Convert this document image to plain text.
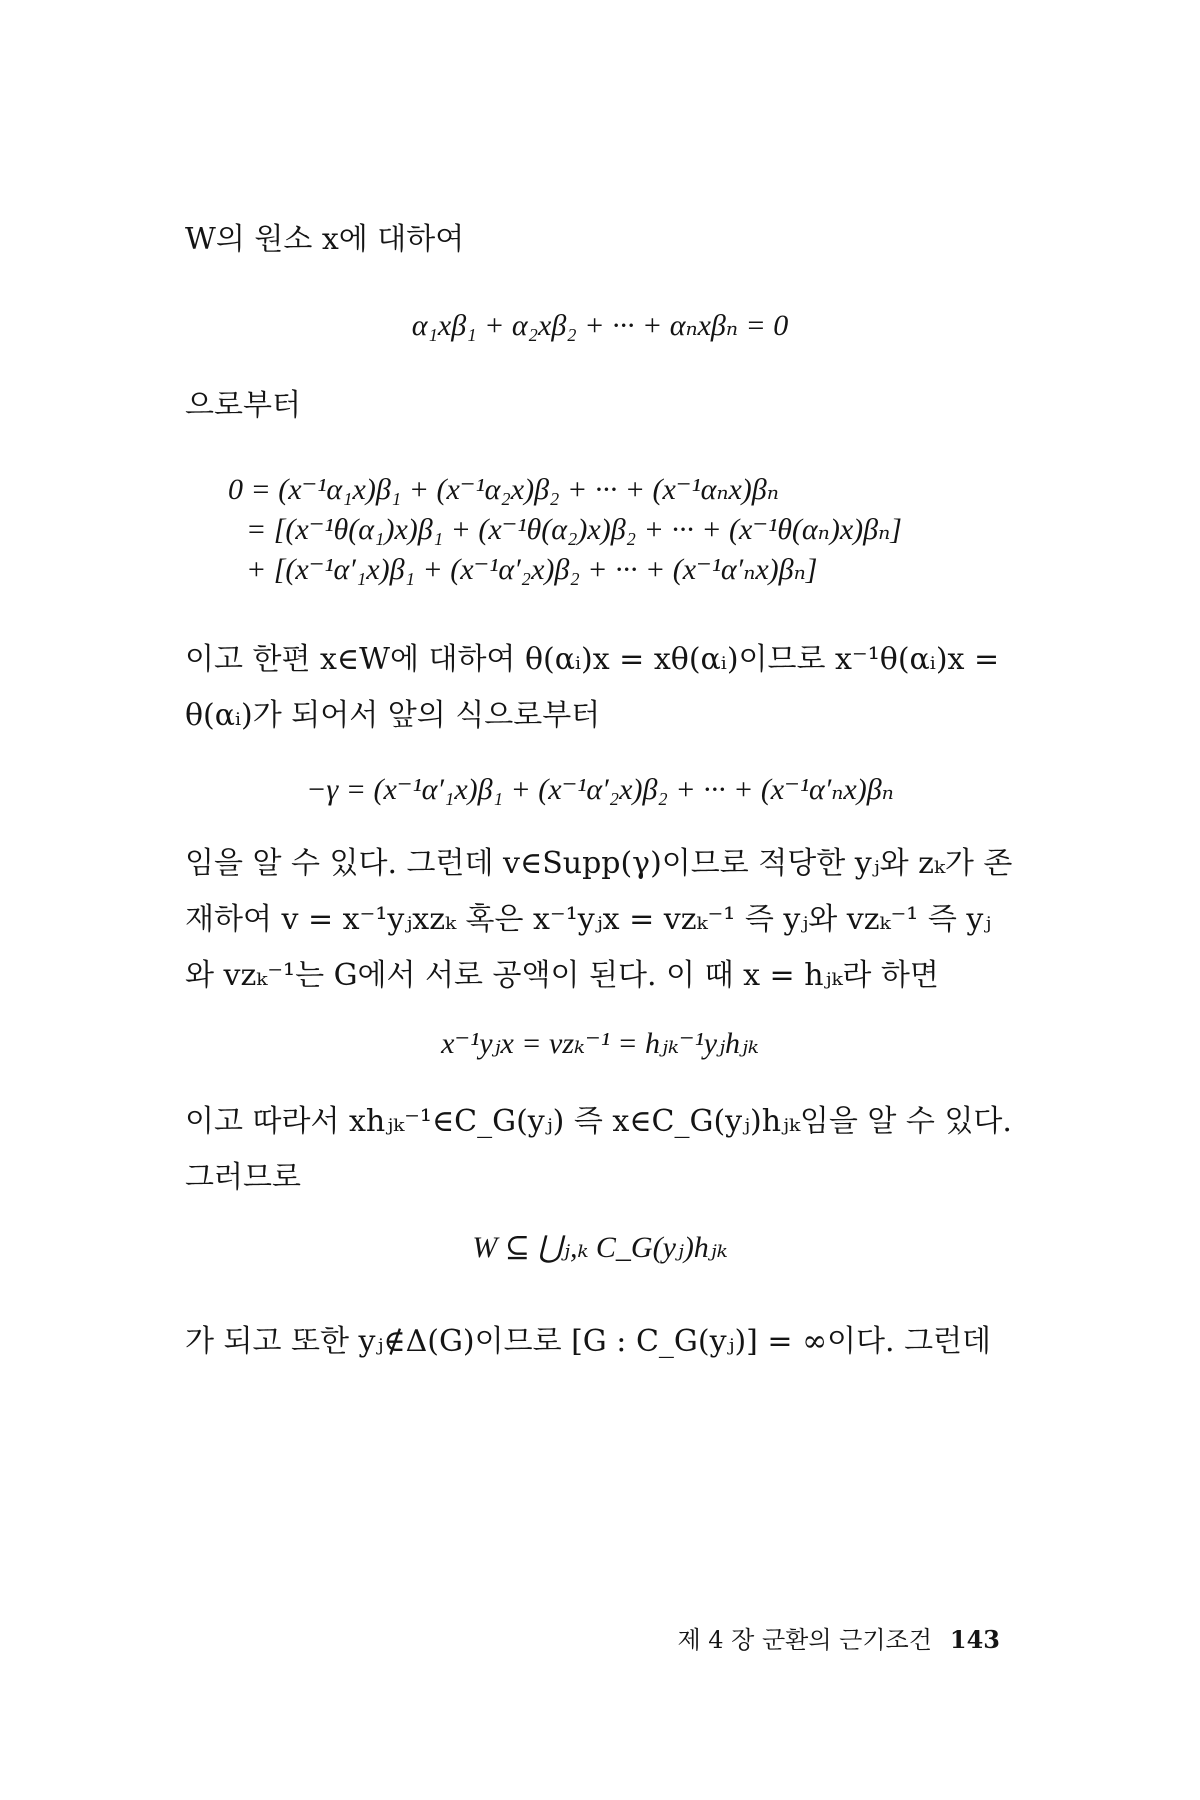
W의 원소 x에 대하여
α₁xβ₁ + α₂xβ₂ + ··· + αₙxβₙ = 0
으로부터
0 = (x⁻¹α₁x)β₁ + (x⁻¹α₂x)β₂ + ··· + (x⁻¹αₙx)βₙ
= [(x⁻¹θ(α₁)x)β₁ + (x⁻¹θ(α₂)x)β₂ + ··· + (x⁻¹θ(αₙ)x)βₙ]
+ [(x⁻¹α′₁x)β₁ + (x⁻¹α′₂x)β₂ + ··· + (x⁻¹α′ₙx)βₙ]
이고 한편 x∈W에 대하여 θ(αᵢ)x = xθ(αᵢ)이므로 x⁻¹θ(αᵢ)x = θ(αᵢ)가 되어서 앞의 식으로부터
−γ = (x⁻¹α′₁x)β₁ + (x⁻¹α′₂x)β₂ + ··· + (x⁻¹α′ₙx)βₙ
임을 알 수 있다. 그런데 v∈Supp(γ)이므로 적당한 yⱼ와 zₖ가 존재하여 v = x⁻¹yⱼxzₖ 혹은 x⁻¹yⱼx = vzₖ⁻¹ 즉 yⱼ와 vzₖ⁻¹ 즉 yⱼ와 vzₖ⁻¹는 G에서 서로 공액이 된다. 이 때 x = hⱼₖ라 하면
x⁻¹yⱼx = vzₖ⁻¹ = hⱼₖ⁻¹yⱼhⱼₖ
이고 따라서 xhⱼₖ⁻¹∈C_G(yⱼ) 즉 x∈C_G(yⱼ)hⱼₖ임을 알 수 있다. 그러므로
W ⊆ ⋃ⱼ,ₖ C_G(yⱼ)hⱼₖ
가 되고 또한 yⱼ∉Δ(G)이므로 [G : C_G(yⱼ)] = ∞이다. 그런데
제 4 장 군환의 근기조건 143
